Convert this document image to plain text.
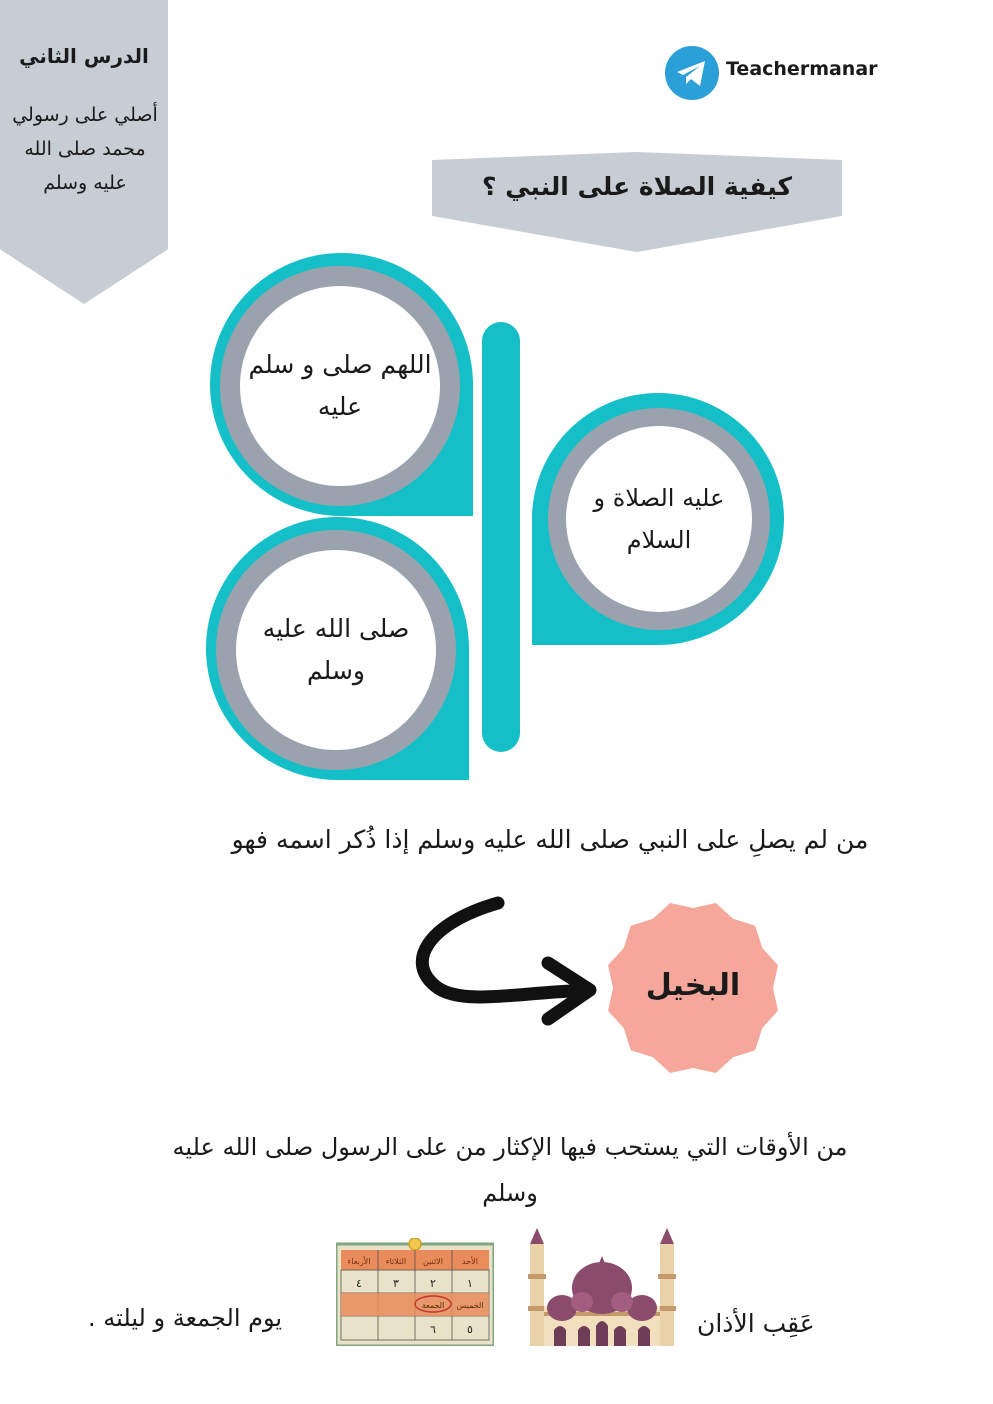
الدرس الثاني
أصلي على رسولي محمد صلى الله عليه وسلم
Teachermanar
كيفية الصلاة على النبي ؟
اللهم صلى و سلم عليه
عليه الصلاة و السلام
صلى الله عليه وسلم
من لم يصلِ على النبي صلى الله عليه وسلم إذا ذُكر اسمه فهو
البخيل
من الأوقات التي يستحب فيها الإكثار من على الرسول صلى الله عليه وسلم
عَقِب الأذان
الأحد
الاثنين
الثلاثاء
الأربعاء
١
٢
٣
٤
الخميس
الجمعة
٥
٦
يوم الجمعة و ليلته .
